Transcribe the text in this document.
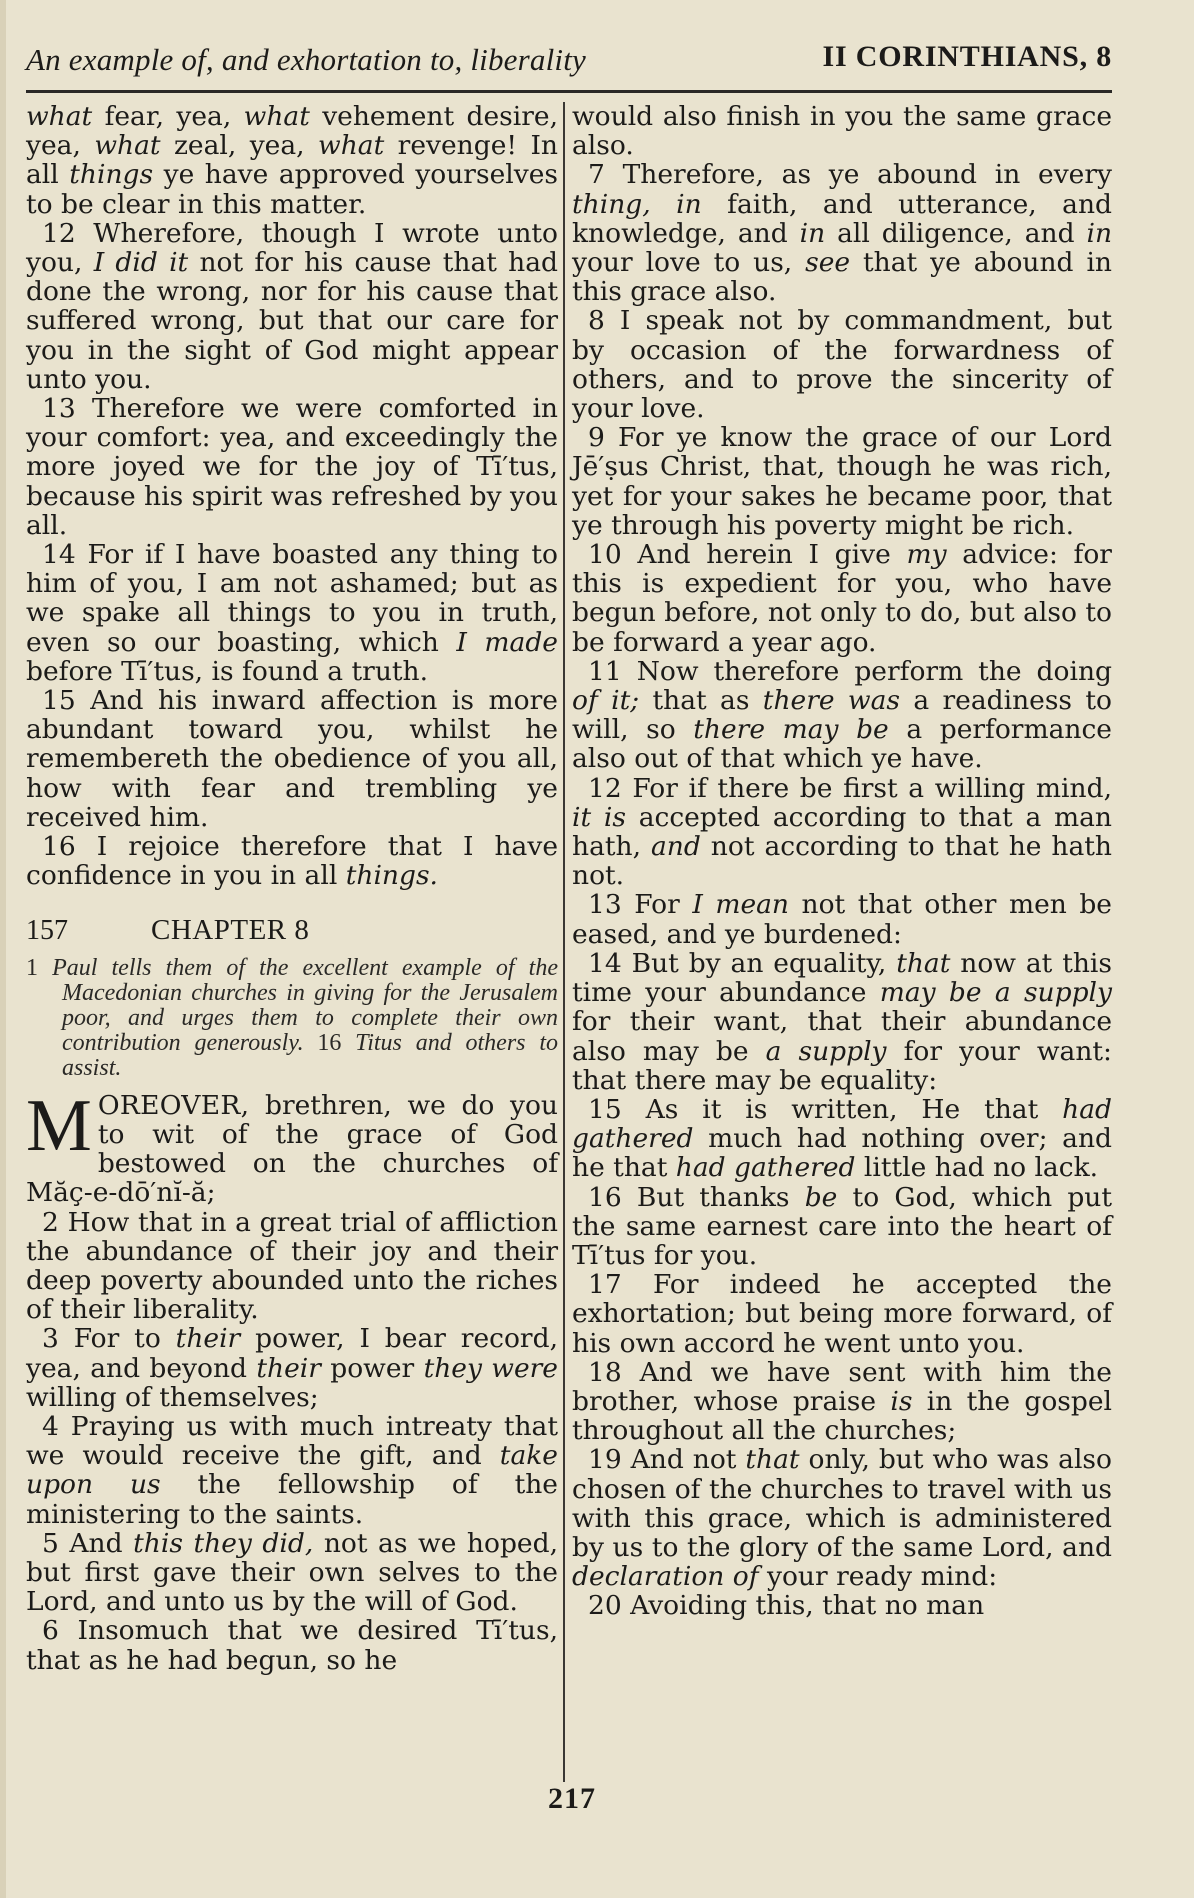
An example of, and exhortation to, liberality	II CORINTHIANS, 8

what fear, yea, what vehement desire, yea, what zeal, yea, what revenge! In all things ye have approved yourselves to be clear in this matter.

12 Wherefore, though I wrote unto you, I did it not for his cause that had done the wrong, nor for his cause that suffered wrong, but that our care for you in the sight of God might appear unto you.

13 Therefore we were comforted in your comfort: yea, and exceedingly the more joyed we for the joy of Tī′tus, because his spirit was refreshed by you all.

14 For if I have boasted any thing to him of you, I am not ashamed; but as we spake all things to you in truth, even so our boasting, which I made before Tī′tus, is found a truth.

15 And his inward affection is more abundant toward you, whilst he remembereth the obedience of you all, how with fear and trembling ye received him.

16 I rejoice therefore that I have confidence in you in all things.

157	CHAPTER 8

1 Paul tells them of the excellent example of the Macedonian churches in giving for the Jerusalem poor, and urges them to complete their own contribution generously. 16 Titus and others to assist.

MOREOVER, brethren, we do you to wit of the grace of God bestowed on the churches of Măç-e-dō′nĭ-ă;

2 How that in a great trial of affliction the abundance of their joy and their deep poverty abounded unto the riches of their liberality.

3 For to their power, I bear record, yea, and beyond their power they were willing of themselves;

4 Praying us with much intreaty that we would receive the gift, and take upon us the fellowship of the ministering to the saints.

5 And this they did, not as we hoped, but first gave their own selves to the Lord, and unto us by the will of God.

6 Insomuch that we desired Tī′tus, that as he had begun, so he

would also finish in you the same grace also.

7 Therefore, as ye abound in every thing, in faith, and utterance, and knowledge, and in all diligence, and in your love to us, see that ye abound in this grace also.

8 I speak not by commandment, but by occasion of the forwardness of others, and to prove the sincerity of your love.

9 For ye know the grace of our Lord Jē′ṣus Christ, that, though he was rich, yet for your sakes he became poor, that ye through his poverty might be rich.

10 And herein I give my advice: for this is expedient for you, who have begun before, not only to do, but also to be forward a year ago.

11 Now therefore perform the doing of it; that as there was a readiness to will, so there may be a performance also out of that which ye have.

12 For if there be first a willing mind, it is accepted according to that a man hath, and not according to that he hath not.

13 For I mean not that other men be eased, and ye burdened:

14 But by an equality, that now at this time your abundance may be a supply for their want, that their abundance also may be a supply for your want: that there may be equality:

15 As it is written, He that had gathered much had nothing over; and he that had gathered little had no lack.

16 But thanks be to God, which put the same earnest care into the heart of Tī′tus for you.

17 For indeed he accepted the exhortation; but being more forward, of his own accord he went unto you.

18 And we have sent with him the brother, whose praise is in the gospel throughout all the churches;

19 And not that only, but who was also chosen of the churches to travel with us with this grace, which is administered by us to the glory of the same Lord, and declaration of your ready mind:

20 Avoiding this, that no man

217
